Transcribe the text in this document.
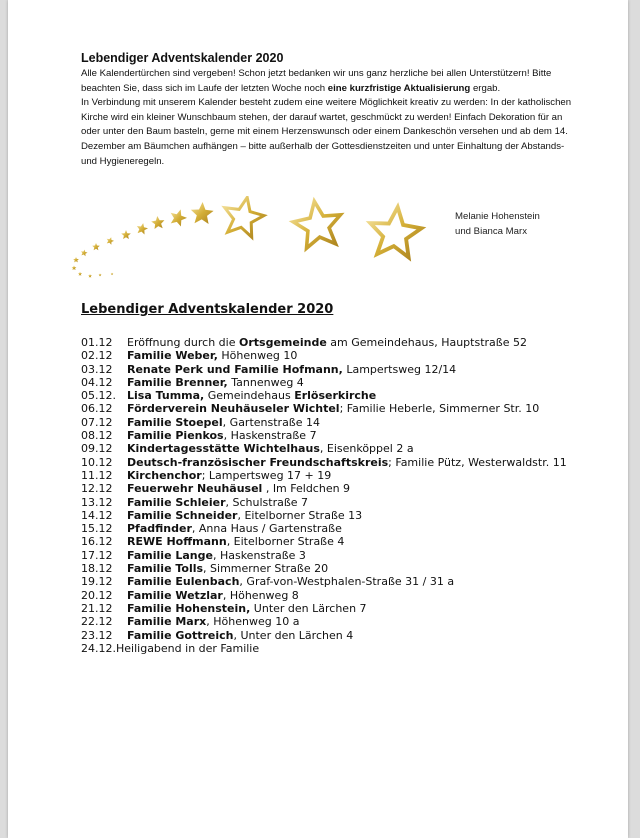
Lebendiger Adventskalender 2020

Alle Kalendertürchen sind vergeben! Schon jetzt bedanken wir uns ganz herzliche bei allen Unterstützern! Bitte beachten Sie, dass sich im Laufe der letzten Woche noch eine kurzfristige Aktualisierung ergab.

In Verbindung mit unserem Kalender besteht zudem eine weitere Möglichkeit kreativ zu werden: In der katholischen Kirche wird ein kleiner Wunschbaum stehen, der darauf wartet, geschmückt zu werden! Einfach Dekoration für an oder unter den Baum basteln, gerne mit einem Herzenswunsch oder einem Dankeschön versehen und ab dem 14. Dezember am Bäumchen aufhängen – bitte außerhalb der Gottesdienstzeiten und unter Einhaltung der Abstands- und Hygieneregeln.

Melanie Hohenstein
und Bianca Marx
Lebendiger Adventskalender 2020
01.12 Eröffnung durch die Ortsgemeinde am Gemeindehaus, Hauptstraße 52
02.12 Familie Weber, Höhenweg 10
03.12 Renate Perk und Familie Hofmann, Lampertsweg 12/14
04.12 Familie Brenner, Tannenweg 4
05.12. Lisa Tumma, Gemeindehaus Erlöserkirche
06.12 Förderverein Neuhäuseler Wichtel; Familie Heberle, Simmerner Str. 10
07.12 Familie Stoepel, Gartenstraße 14
08.12 Familie Pienkos, Haskenstraße 7
09.12 Kindertagesstätte Wichtelhaus, Eisenköppel 2 a
10.12 Deutsch-französischer Freundschaftskreis; Familie Pütz, Westerwaldstr. 11
11.12 Kirchenchor; Lampertsweg 17 + 19
12.12 Feuerwehr Neuhäusel , Im Feldchen 9
13.12 Familie Schleier, Schulstraße 7
14.12 Familie Schneider, Eitelborner Straße 13
15.12 Pfadfinder, Anna Haus / Gartenstraße
16.12 REWE Hoffmann, Eitelborner Straße 4
17.12 Familie Lange, Haskenstraße 3
18.12 Familie Tolls, Simmerner Straße 20
19.12 Familie Eulenbach, Graf-von-Westphalen-Straße 31 / 31 a
20.12 Familie Wetzlar, Höhenweg 8
21.12 Familie Hohenstein, Unter den Lärchen 7
22.12 Familie Marx, Höhenweg 10 a
23.12 Familie Gottreich, Unter den Lärchen 4
24.12.Heiligabend in der Familie
